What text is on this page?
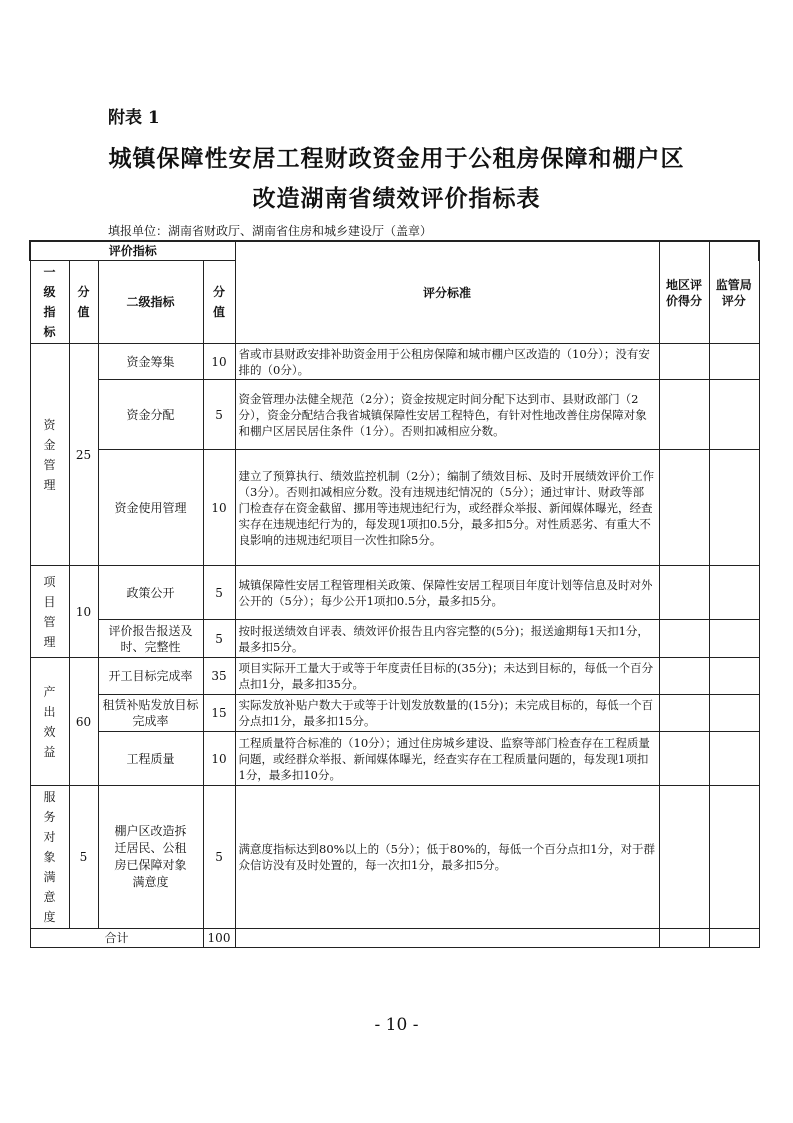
附表 1
城镇保障性安居工程财政资金用于公租房保障和棚户区
改造湖南省绩效评价指标表
填报单位：湖南省财政厅、湖南省住房和城乡建设厅（盖章）
评价指标				评分标准	地区评价得分	监管局评分

一级指标	分值	二级指标	分值			

资金管理	25	资金筹集	10	省或市县财政安排补助资金用于公租房保障和城市棚户区改造的（10分）；没有安排的（0分）。		
		资金分配	5	资金管理办法健全规范（2分）；资金按规定时间分配下达到市、县财政部门（2分），资金分配结合我省城镇保障性安居工程特色，有针对性地改善住房保障对象和棚户区居民居住条件（1分）。否则扣减相应分数。		
		资金使用管理	10	建立了预算执行、绩效监控机制（2分）；编制了绩效目标、及时开展绩效评价工作（3分）。否则扣减相应分数。没有违规违纪情况的（5分）；通过审计、财政等部门检查存在资金截留、挪用等违规违纪行为，或经群众举报、新闻媒体曝光，经查实存在违规违纪行为的，每发现1项扣0.5分，最多扣5分。对性质恶劣、有重大不良影响的违规违纪项目一次性扣除5分。		

项目管理	10	政策公开	5	城镇保障性安居工程管理相关政策、保障性安居工程项目年度计划等信息及时对外公开的（5分）；每少公开1项扣0.5分，最多扣5分。		
		评价报告报送及时、完整性	5	按时报送绩效自评表、绩效评价报告且内容完整的(5分)；报送逾期每1天扣1分，最多扣5分。		

产出效益	60	开工目标完成率	35	项目实际开工量大于或等于年度责任目标的(35分)；未达到目标的，每低一个百分点扣1分，最多扣35分。		
		租赁补贴发放目标完成率	15	实际发放补贴户数大于或等于计划发放数量的(15分)；未完成目标的，每低一个百分点扣1分，最多扣15分。		
		工程质量	10	工程质量符合标准的（10分）；通过住房城乡建设、监察等部门检查存在工程质量问题，或经群众举报、新闻媒体曝光，经查实存在工程质量问题的，每发现1项扣1分，最多扣10分。		

服务对象满意度	5	棚户区改造拆迁居民、公租房已保障对象满意度	5	满意度指标达到80%以上的（5分）；低于80%的，每低一个百分点扣1分，对于群众信访没有及时处置的，每一次扣1分，最多扣5分。		
合计			100			
- 10 -
